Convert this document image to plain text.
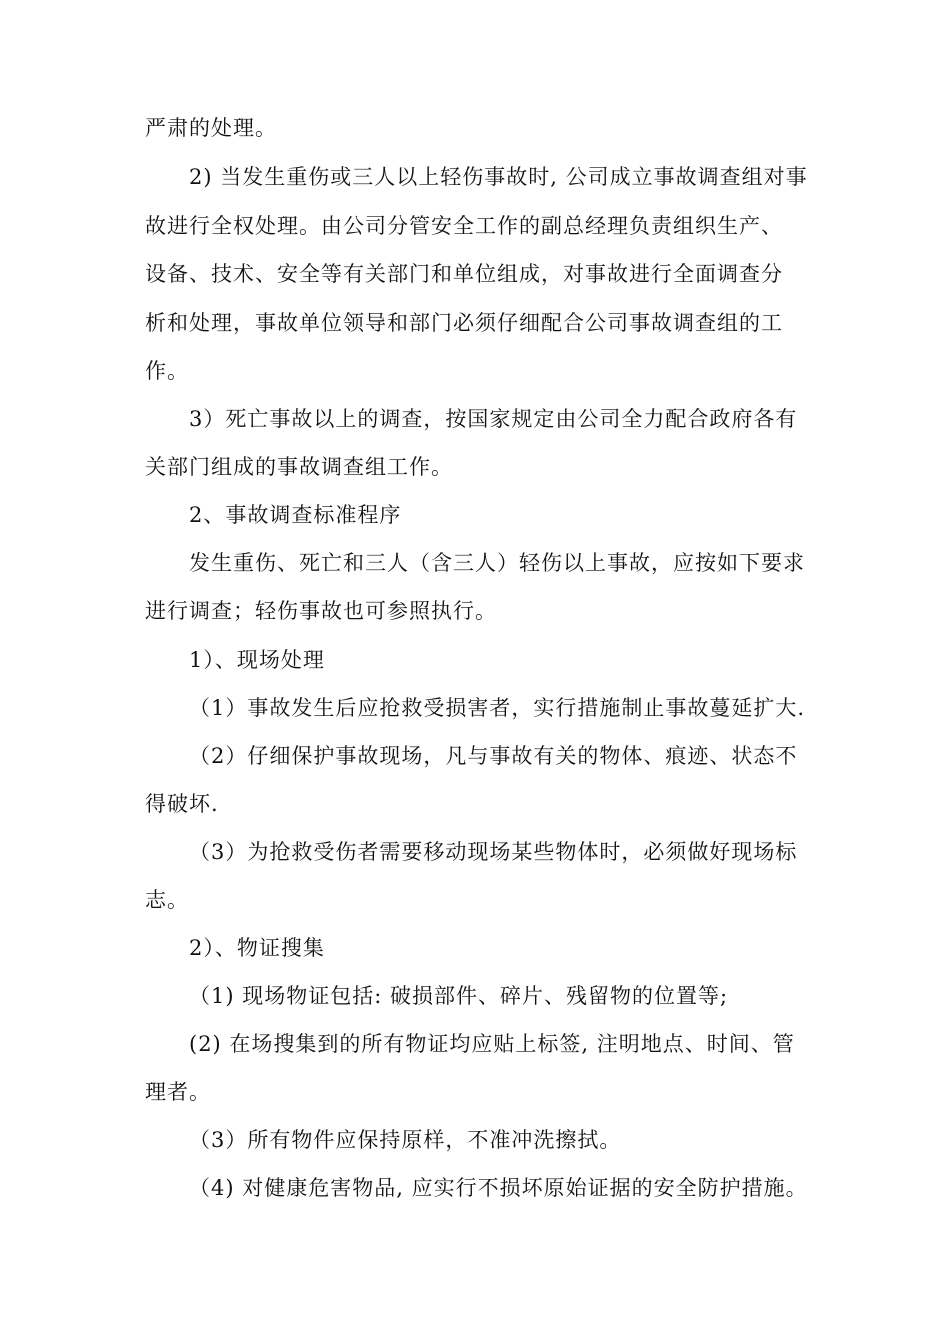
严肃的处理。
2) 当发生重伤或三人以上轻伤事故时, 公司成立事故调查组对事
故进行全权处理。由公司分管安全工作的副总经理负责组织生产、
设备、技术、安全等有关部门和单位组成，对事故进行全面调查分
析和处理，事故单位领导和部门必须仔细配合公司事故调查组的工
作。
3）死亡事故以上的调查，按国家规定由公司全力配合政府各有
关部门组成的事故调查组工作。
2、事故调查标准程序
发生重伤、死亡和三人（含三人）轻伤以上事故，应按如下要求
进行调查；轻伤事故也可参照执行。
1）、现场处理
（1）事故发生后应抢救受损害者，实行措施制止事故蔓延扩大.
（2）仔细保护事故现场，凡与事故有关的物体、痕迹、状态不
得破坏.
（3）为抢救受伤者需要移动现场某些物体时，必须做好现场标
志。
2）、物证搜集
（1) 现场物证包括: 破损部件、碎片、残留物的位置等;
(2) 在场搜集到的所有物证均应贴上标签, 注明地点、时间、管
理者。
（3）所有物件应保持原样，不准冲洗擦拭。
（4) 对健康危害物品, 应实行不损坏原始证据的安全防护措施。
